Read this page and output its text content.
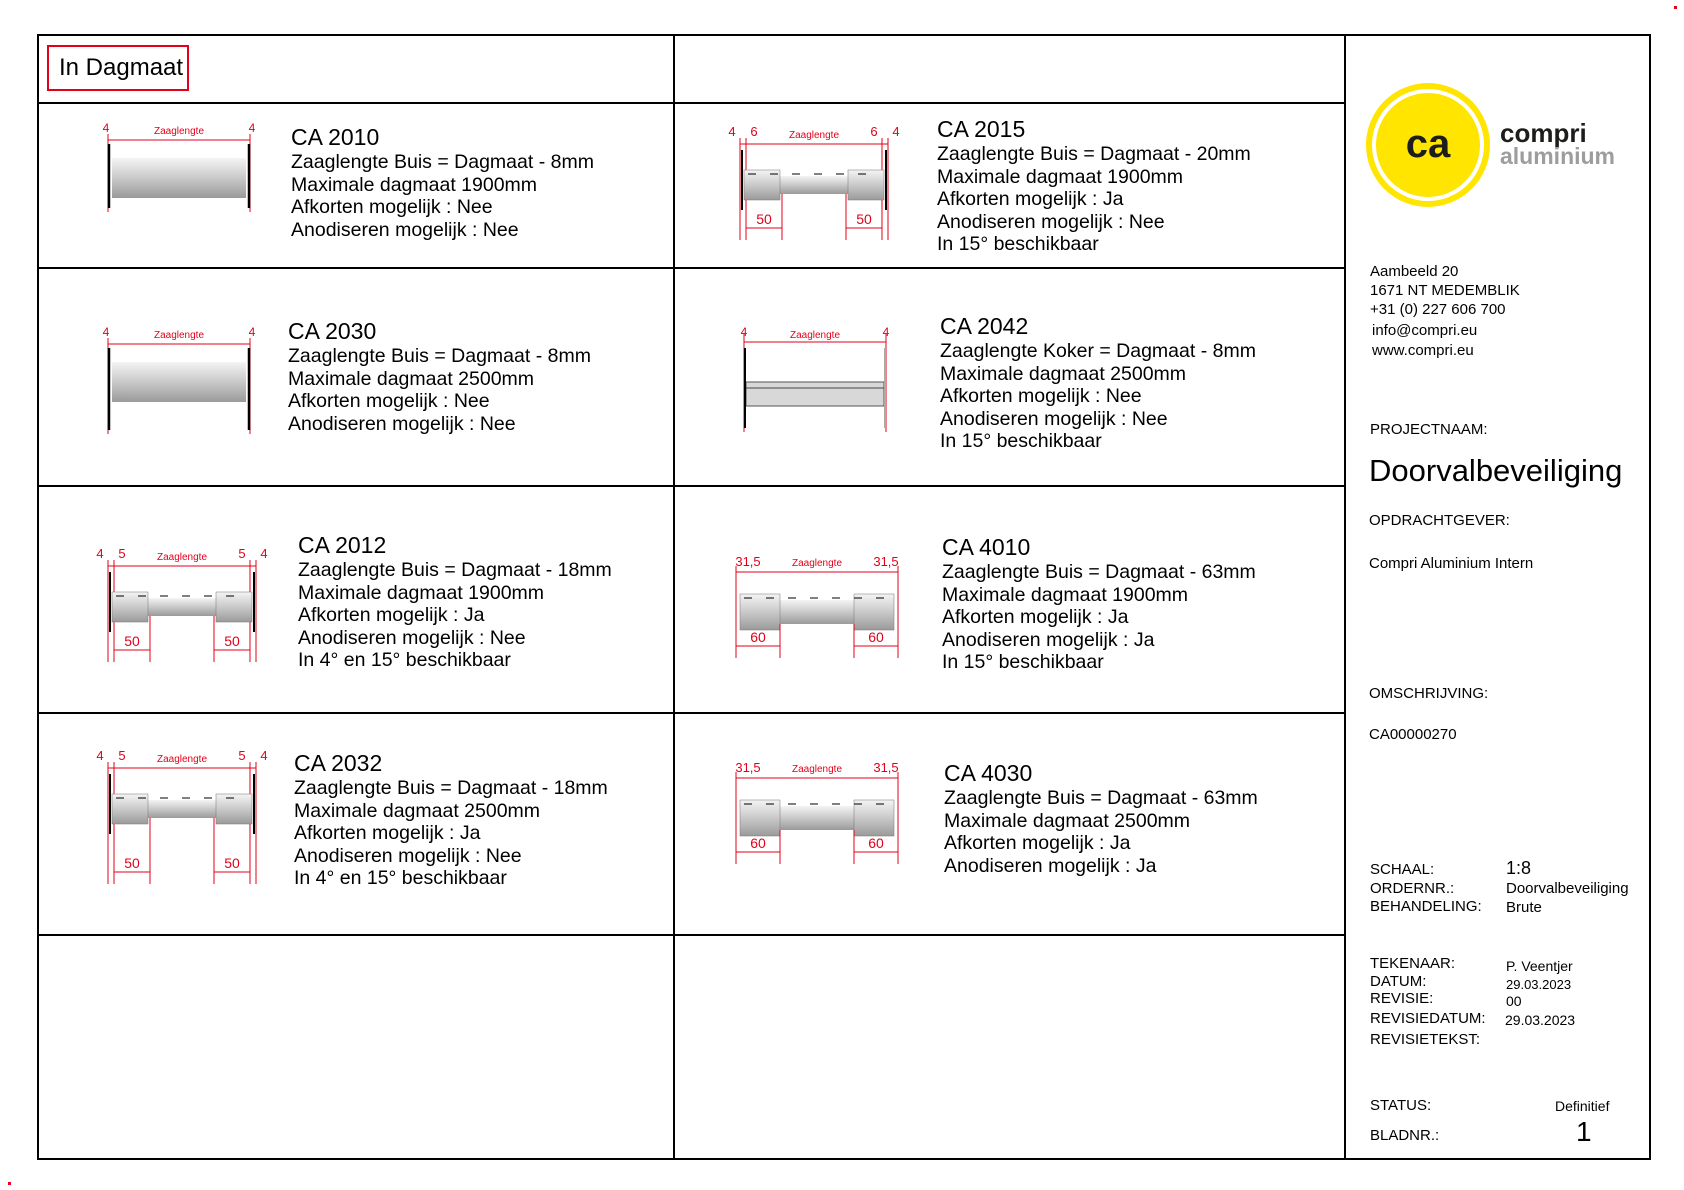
In Dagmaat
4	4
Zaaglengte
50	50
4 6	6 4
Zaaglengte
4	4
Zaaglengte	4	4
Zaaglengte
50	50
4 5	5 4
Zaaglengte
60	60
31,5	31,5
Zaaglengte
50	50
4 5	5 4
Zaaglengte
60	60
31,5	31,5
Zaaglengte
CA 2010
Zaaglengte Buis = Dagmaat - 8mm
Maximale dagmaat 1900mm
Afkorten mogelijk : Nee
Anodiseren mogelijk : Nee
CA 2015
Zaaglengte Buis = Dagmaat - 20mm
Maximale dagmaat 1900mm
Afkorten mogelijk : Ja
Anodiseren mogelijk : Nee
In 15° beschikbaar
CA 2030
Zaaglengte Buis = Dagmaat - 8mm
Maximale dagmaat 2500mm
Afkorten mogelijk : Nee
Anodiseren mogelijk : Nee
CA 2042
Zaaglengte Koker = Dagmaat - 8mm
Maximale dagmaat 2500mm
Afkorten mogelijk : Nee
Anodiseren mogelijk : Nee
In 15° beschikbaar
CA 2012
Zaaglengte Buis = Dagmaat - 18mm
Maximale dagmaat 1900mm
Afkorten mogelijk : Ja
Anodiseren mogelijk : Nee
In 4° en 15° beschikbaar
CA 4010
Zaaglengte Buis = Dagmaat - 63mm
Maximale dagmaat 1900mm
Afkorten mogelijk : Ja
Anodiseren mogelijk : Ja
In 15° beschikbaar
CA 2032
Zaaglengte Buis = Dagmaat - 18mm
Maximale dagmaat 2500mm
Afkorten mogelijk : Ja
Anodiseren mogelijk : Nee
In 4° en 15° beschikbaar
CA 4030
Zaaglengte Buis = Dagmaat - 63mm
Maximale dagmaat 2500mm
Afkorten mogelijk : Ja
Anodiseren mogelijk : Ja
ca compri
aluminium
Aambeeld 20
1671 NT MEDEMBLIK
+31 (0) 227 606 700
info@compri.eu
www.compri.eu
PROJECTNAAM:
Doorvalbeveiliging
OPDRACHTGEVER:
Compri Aluminium Intern
OMSCHRIJVING:
CA00000270
SCHAAL:	1:8
ORDERNR.:	Doorvalbeveiliging
BEHANDELING: Brute
TEKENAAR:	P. Veentjer
DATUM:	29.03.2023
REVISIE:	00
REVISIEDATUM: 29.03.2023
REVISIETEKST:
STATUS:	Definitief
BLADNR.:	1
